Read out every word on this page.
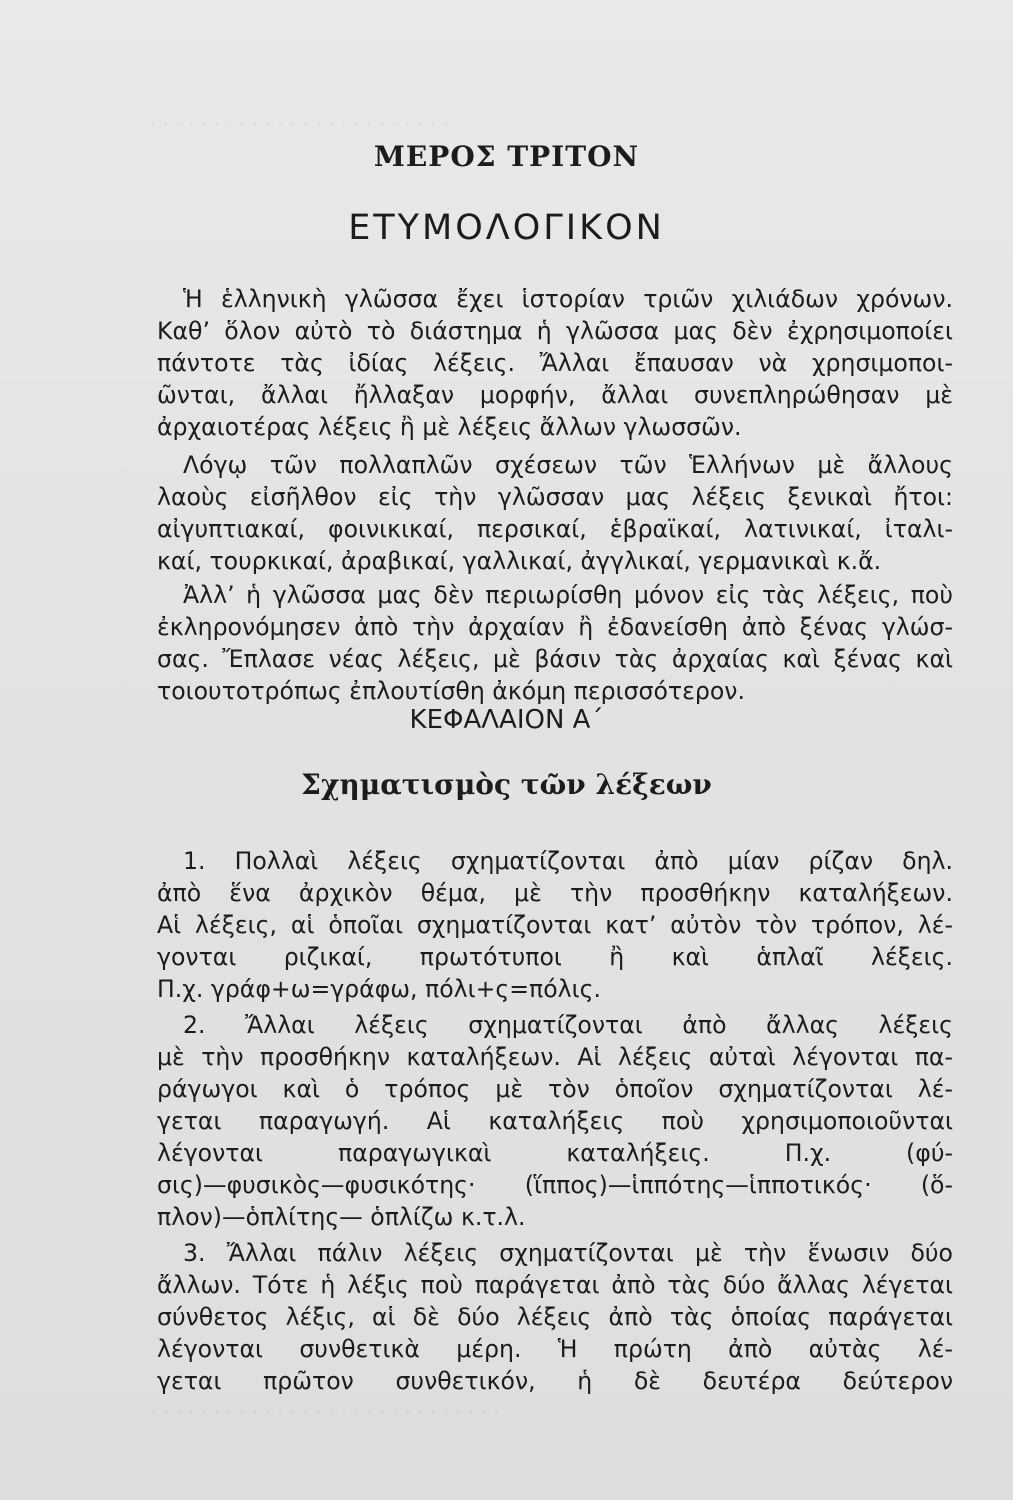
· · · · · · · · · · · · · · · · · · · · · · · ·
ΜΕΡΟΣ ΤΡΙΤΟΝ
ΕΤΥΜΟΛΟΓΙΚΟΝ
Ἡ ἑλληνικὴ γλῶσσα ἔχει ἱστορίαν τριῶν χιλιάδων χρόνων.
Καθ’ ὅλον αὐτὸ τὸ διάστημα ἡ γλῶσσα μας δὲν ἐχρησιμοποίει
πάντοτε τὰς ἰδίας λέξεις. Ἄλλαι ἔπαυσαν νὰ χρησιμοποι-
ῶνται, ἄλλαι ἤλλαξαν μορφήν, ἄλλαι συνεπληρώθησαν μὲ
ἀρχαιοτέρας λέξεις ἢ μὲ λέξεις ἄλλων γλωσσῶν.
Λόγῳ τῶν πολλαπλῶν σχέσεων τῶν Ἑλλήνων μὲ ἄλλους
λαοὺς εἰσῆλθον εἰς τὴν γλῶσσαν μας λέξεις ξενικαὶ ἤτοι:
αἰγυπτιακαί, φοινικικαί, περσικαί, ἑβραϊκαί, λατινικαί, ἰταλι-
καί, τουρκικαί, ἀραβικαί, γαλλικαί, ἀγγλικαί, γερμανικαὶ κ.ἄ.
Ἀλλ’ ἡ γλῶσσα μας δὲν περιωρίσθη μόνον εἰς τὰς λέξεις, ποὺ
ἐκληρονόμησεν ἀπὸ τὴν ἀρχαίαν ἢ ἐδανείσθη ἀπὸ ξένας γλώσ-
σας. Ἔπλασε νέας λέξεις, μὲ βάσιν τὰς ἀρχαίας καὶ ξένας καὶ
τοιουτοτρόπως ἐπλουτίσθη ἀκόμη περισσότερον.
ΚΕΦΑΛΑΙΟΝ Α΄
Σχηματισμὸς τῶν λέξεων
1. Πολλαὶ λέξεις σχηματίζονται ἀπὸ μίαν ρίζαν δηλ.
ἀπὸ ἕνα ἀρχικὸν θέμα, μὲ τὴν προσθήκην καταλήξεων.
Αἱ λέξεις, αἱ ὁποῖαι σχηματίζονται κατ’ αὐτὸν τὸν τρόπον, λέ-
γονται ριζικαί, πρωτότυποι ἢ καὶ ἁπλαῖ λέξεις.
Π.χ. γράφ+ω=γράφω, πόλι+ς=πόλις.
2. Ἄλλαι λέξεις σχηματίζονται ἀπὸ ἄλλας λέξεις
μὲ τὴν προσθήκην καταλήξεων. Αἱ λέξεις αὐταὶ λέγονται πα-
ράγωγοι καὶ ὁ τρόπος μὲ τὸν ὁποῖον σχηματίζονται λέ-
γεται παραγωγή. Αἱ καταλήξεις ποὺ χρησιμοποιοῦνται
λέγονται παραγωγικαὶ καταλήξεις. Π.χ. (φύ-
σις)—φυσικὸς—φυσικότης· (ἵππος)—ἱππότης—ἱπποτικός· (ὅ-
πλον)—ὁπλίτης— ὁπλίζω κ.τ.λ.
3. Ἄλλαι πάλιν λέξεις σχηματίζονται μὲ τὴν ἕνωσιν δύο
ἄλλων. Τότε ἡ λέξις ποὺ παράγεται ἀπὸ τὰς δύο ἄλλας λέγεται
σύνθετος λέξις, αἱ δὲ δύο λέξεις ἀπὸ τὰς ὁποίας παράγεται
λέγονται συνθετικὰ μέρη. Ἡ πρώτη ἀπὸ αὐτὰς λέ-
γεται πρῶτον συνθετικόν, ἡ δὲ δευτέρα δεύτερον
· · · · · · · · · · · · · · · · · · · · · · · · · · · ·
